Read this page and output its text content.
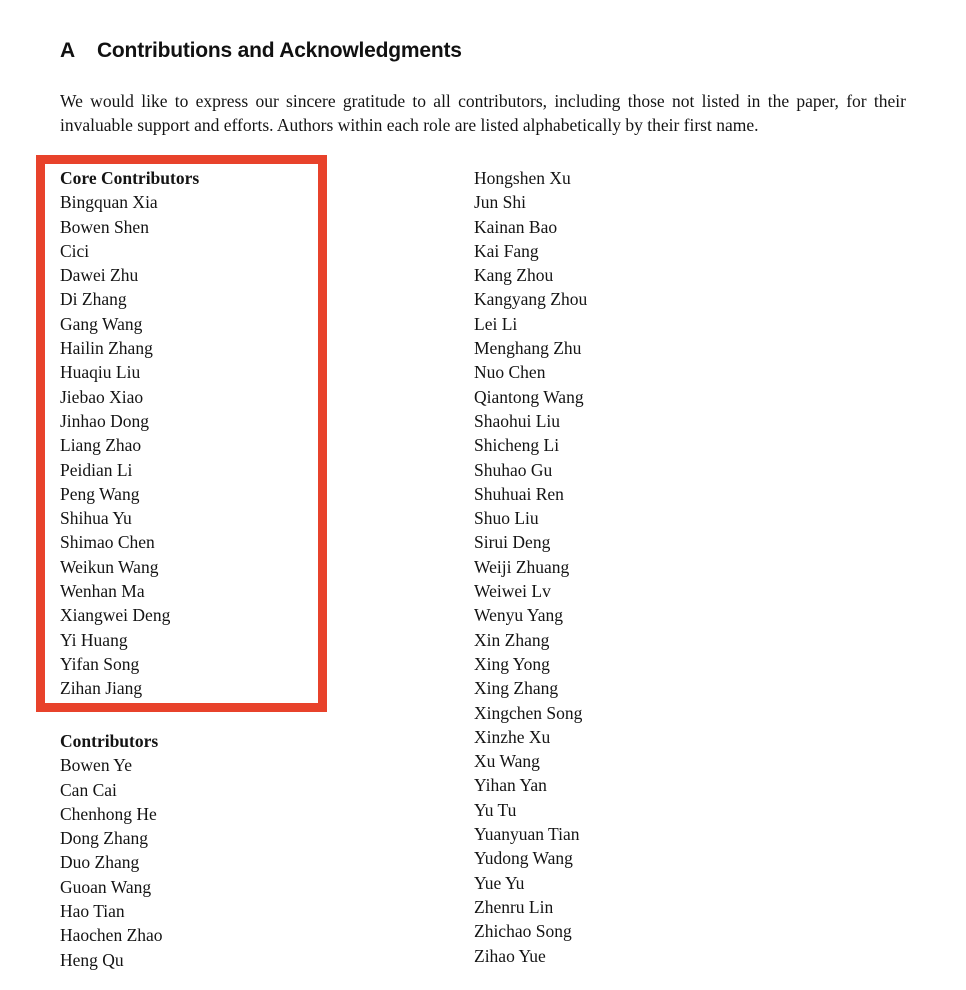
A Contributions and Acknowledgments

We would like to express our sincere gratitude to all contributors, including those not listed in the paper, for their invaluable support and efforts. Authors within each role are listed alphabetically by their first name.

Core Contributors
Bingquan Xia
Bowen Shen
Cici
Dawei Zhu
Di Zhang
Gang Wang
Hailin Zhang
Huaqiu Liu
Jiebao Xiao
Jinhao Dong
Liang Zhao
Peidian Li
Peng Wang
Shihua Yu
Shimao Chen
Weikun Wang
Wenhan Ma
Xiangwei Deng
Yi Huang
Yifan Song
Zihan Jiang
Contributors
Bowen Ye
Can Cai
Chenhong He
Dong Zhang
Duo Zhang
Guoan Wang
Hao Tian
Haochen Zhao
Heng Qu
Hongshen Xu
Jun Shi
Kainan Bao
Kai Fang
Kang Zhou
Kangyang Zhou
Lei Li
Menghang Zhu
Nuo Chen
Qiantong Wang
Shaohui Liu
Shicheng Li
Shuhao Gu
Shuhuai Ren
Shuo Liu
Sirui Deng
Weiji Zhuang
Weiwei Lv
Wenyu Yang
Xin Zhang
Xing Yong
Xing Zhang
Xingchen Song
Xinzhe Xu
Xu Wang
Yihan Yan
Yu Tu
Yuanyuan Tian
Yudong Wang
Yue Yu
Zhenru Lin
Zhichao Song
Zihao Yue
